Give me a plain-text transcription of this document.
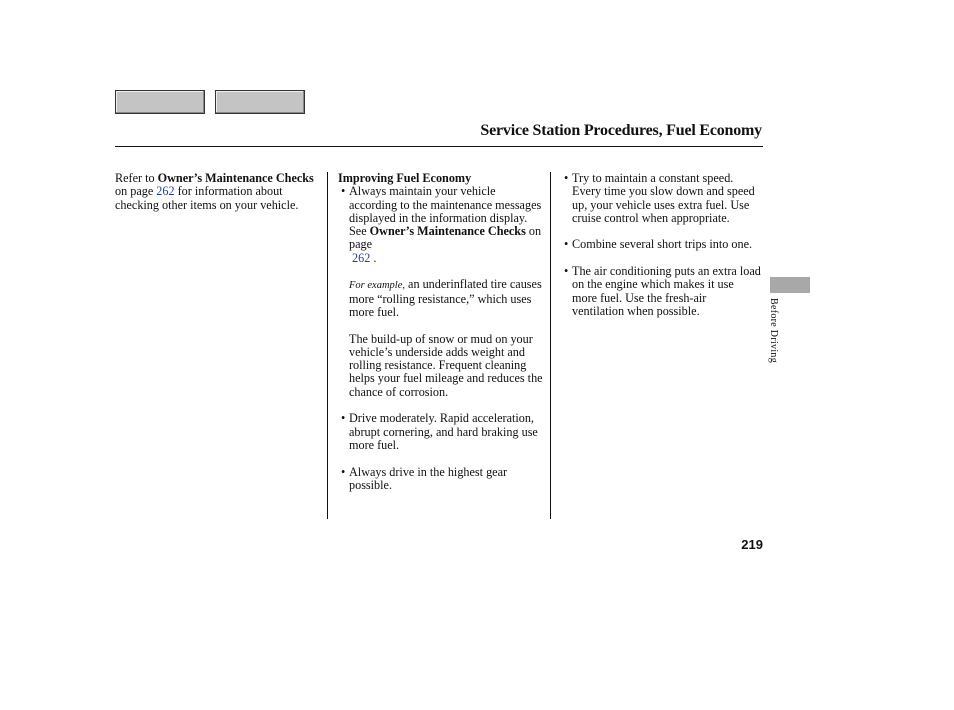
Service Station Procedures, Fuel Economy
Refer to Owner’s Maintenance Checks on page 262 for information about checking other items on your vehicle.
Improving Fuel Economy
• Always maintain your vehicle according to the maintenance messages displayed in the information display. See Owner’s Maintenance Checks on page
262 .
For example, an underinflated tire causes more “rolling resistance,” which uses more fuel.
The build-up of snow or mud on your vehicle’s underside adds weight and rolling resistance. Frequent cleaning helps your fuel mileage and reduces the chance of corrosion.
• Drive moderately. Rapid acceleration, abrupt cornering, and hard braking use more fuel.
• Always drive in the highest gear possible.
• Try to maintain a constant speed. Every time you slow down and speed up, your vehicle uses extra fuel. Use cruise control when appropriate.
• Combine several short trips into one.
• The air conditioning puts an extra load on the engine which makes it use more fuel. Use the fresh-air ventilation when possible.	Before Driving
219
